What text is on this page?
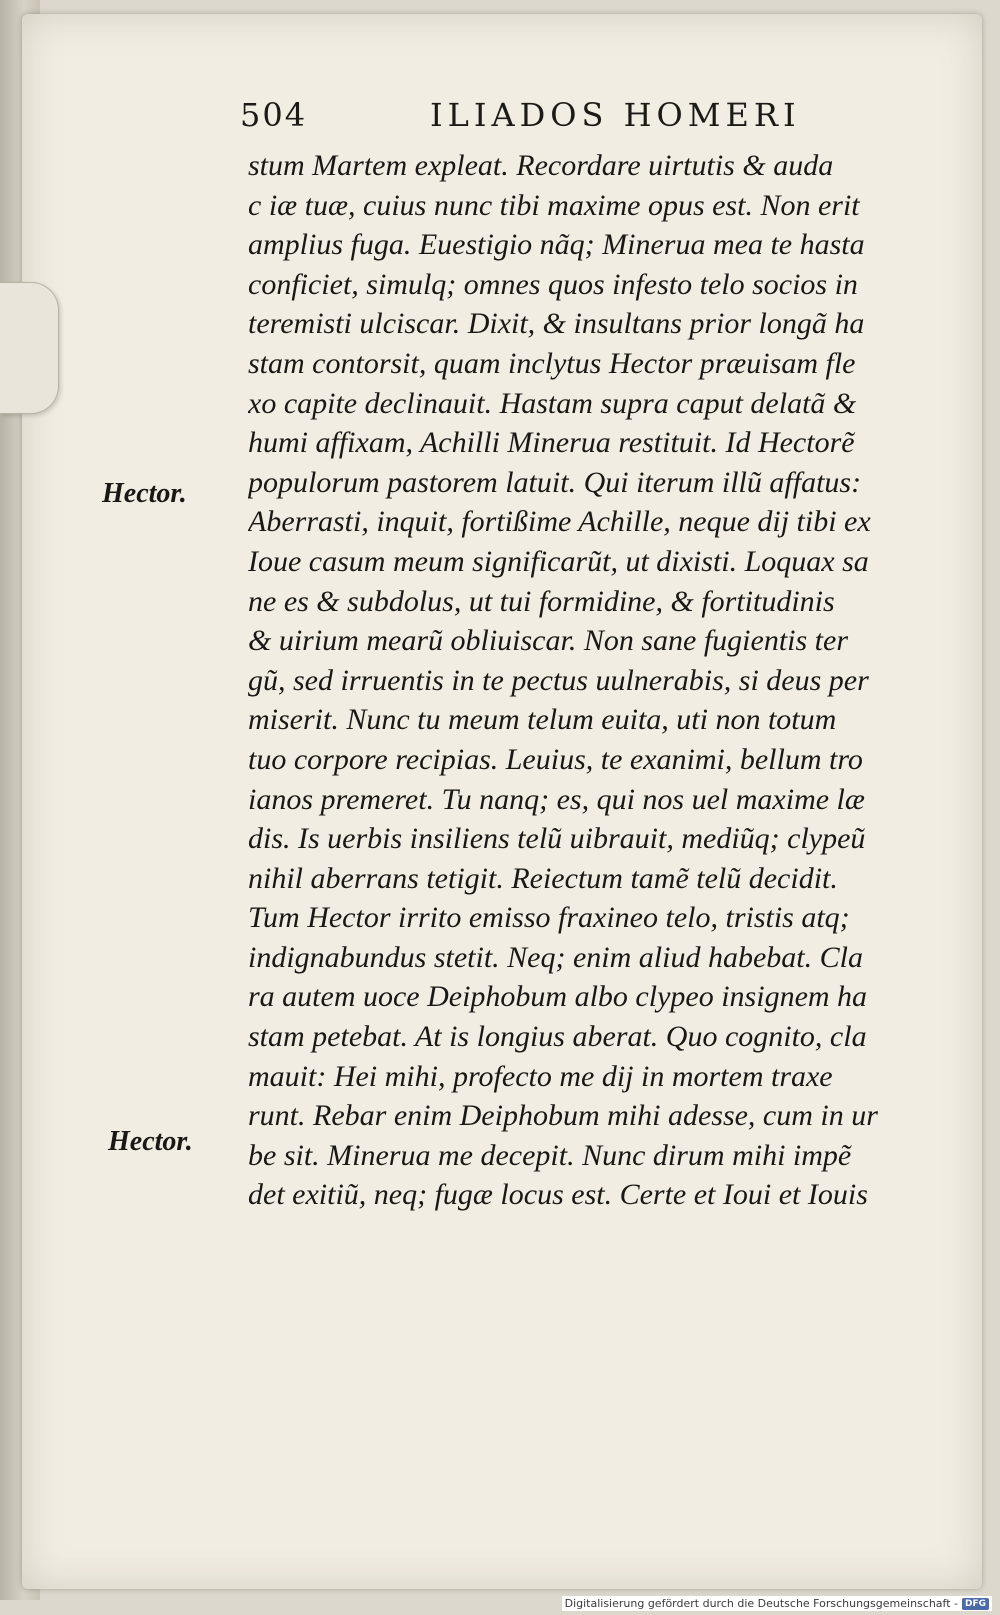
504	ILIADOS HOMERI
Hector.
Hector.
stum Martem expleat. Recordare uirtutis & auda
c iæ tuæ, cuius nunc tibi maxime opus est. Non erit
amplius fuga. Euestigio nãq; Minerua mea te hasta
conficiet, simulq; omnes quos infesto telo socios in
teremisti ulciscar. Dixit, & insultans prior longã ha
stam contorsit, quam inclytus Hector præuisam fle
xo capite declinauit. Hastam supra caput delatã &
humi affixam, Achilli Minerua restituit. Id Hectorẽ
populorum pastorem latuit. Qui iterum illũ affatus:
Aberrasti, inquit, fortißime Achille, neque dij tibi ex
Ioue casum meum significarũt, ut dixisti. Loquax sa
ne es & subdolus, ut tui formidine, & fortitudinis
& uirium mearũ obliuiscar. Non sane fugientis ter
gũ, sed irruentis in te pectus uulnerabis, si deus per
miserit. Nunc tu meum telum euita, uti non totum
tuo corpore recipias. Leuius, te exanimi, bellum tro
ianos premeret. Tu nanq; es, qui nos uel maxime læ
dis. Is uerbis insiliens telũ uibrauit, mediũq; clypeũ
nihil aberrans tetigit. Reiectum tamẽ telũ decidit.
Tum Hector irrito emisso fraxineo telo, tristis atq;
indignabundus stetit. Neq; enim aliud habebat. Cla
ra autem uoce Deiphobum albo clypeo insignem ha
stam petebat. At is longius aberat. Quo cognito, cla
mauit: Hei mihi, profecto me dij in mortem traxe
runt. Rebar enim Deiphobum mihi adesse, cum in ur
be sit. Minerua me decepit. Nunc dirum mihi impẽ
det exitiũ, neq; fugæ locus est. Certe et Ioui et Iouis
Digitalisierung gefördert durch die Deutsche Forschungsgemeinschaft - DFG
